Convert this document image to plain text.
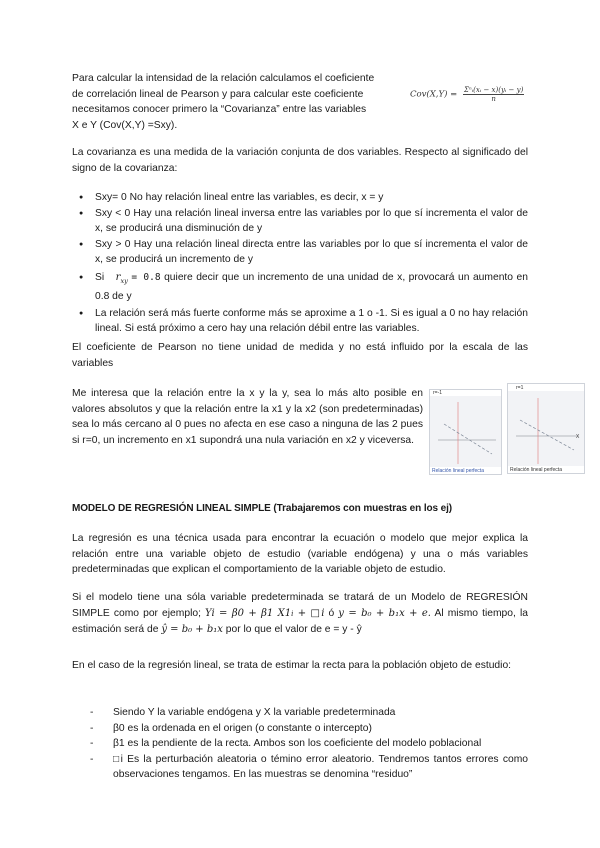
Para calcular la intensidad de la relación calculamos el coeficiente
de correlación lineal de Pearson y para calcular este coeficiente
necesitamos conocer primero la “Covarianza” entre las variables
X e Y (Cov(X,Y) =Sxy).
Cov(X,Y) = Σⁿᵢ(xᵢ − x)(yᵢ − y)
n

La covarianza es una medida de la variación conjunta de dos variables. Respecto al significado del signo de la covarianza:

● Sxy= 0 No hay relación lineal entre las variables, es decir, x = y
● Sxy < 0 Hay una relación lineal inversa entre las variables por lo que sí incrementa el valor de x, se producirá una disminución de y
● Sxy > 0 Hay una relación lineal directa entre las variables por lo que sí incrementa el valor de x, se producirá un incremento de y
● Si $r_{xy} = 0.8$ quiere decir que un incremento de una unidad de x, provocará un aumento en 0.8 de y
● La relación será más fuerte conforme más se aproxime a 1 o -1. Si es igual a 0 no hay relación lineal. Si está próximo a cero hay una relación débil entre las variables.

El coeficiente de Pearson no tiene unidad de medida y no está influido por la escala de las variables

Me interesa que la relación entre la x y la y, sea lo más alto posible en valores absolutos y que la relación entre la x1 y la x2 (son predeterminadas) sea lo más cercano al 0 pues no afecta en ese caso a ninguna de las 2 pues si r=0, un incremento en x1 supondrá una nula variación en x2 y viceversa.

r=-1
Relación lineal perfecta
r=1
X
Relación lineal perfecta
MODELO DE REGRESIÓN LINEAL SIMPLE (Trabajaremos con muestras en los ej)

La regresión es una técnica usada para encontrar la ecuación o modelo que mejor explica la relación entre una variable objeto de estudio (variable endógena) y una o más variables predeterminadas que explican el comportamiento de la variable objeto de estudio.

Si el modelo tiene una sóla variable predeterminada se tratará de un Modelo de REGRESIÓN SIMPLE como por ejemplo; Yi = β0 + β1 X1i + □i ó y = b₀ + b₁x + e. Al mismo tiempo, la estimación será de ŷ = b₀ + b₁x por lo que el valor de e = y - ŷ

En el caso de la regresión lineal, se trata de estimar la recta para la población objeto de estudio:

- Siendo Y la variable endógena y X la variable predeterminada
- β0 es la ordenada en el origen (o constante o intercepto)
- β1 es la pendiente de la recta. Ambos son los coeficiente del modelo poblacional
- □i Es la perturbación aleatoria o témino error aleatorio. Tendremos tantos errores como observaciones tengamos. En las muestras se denomina “residuo”
